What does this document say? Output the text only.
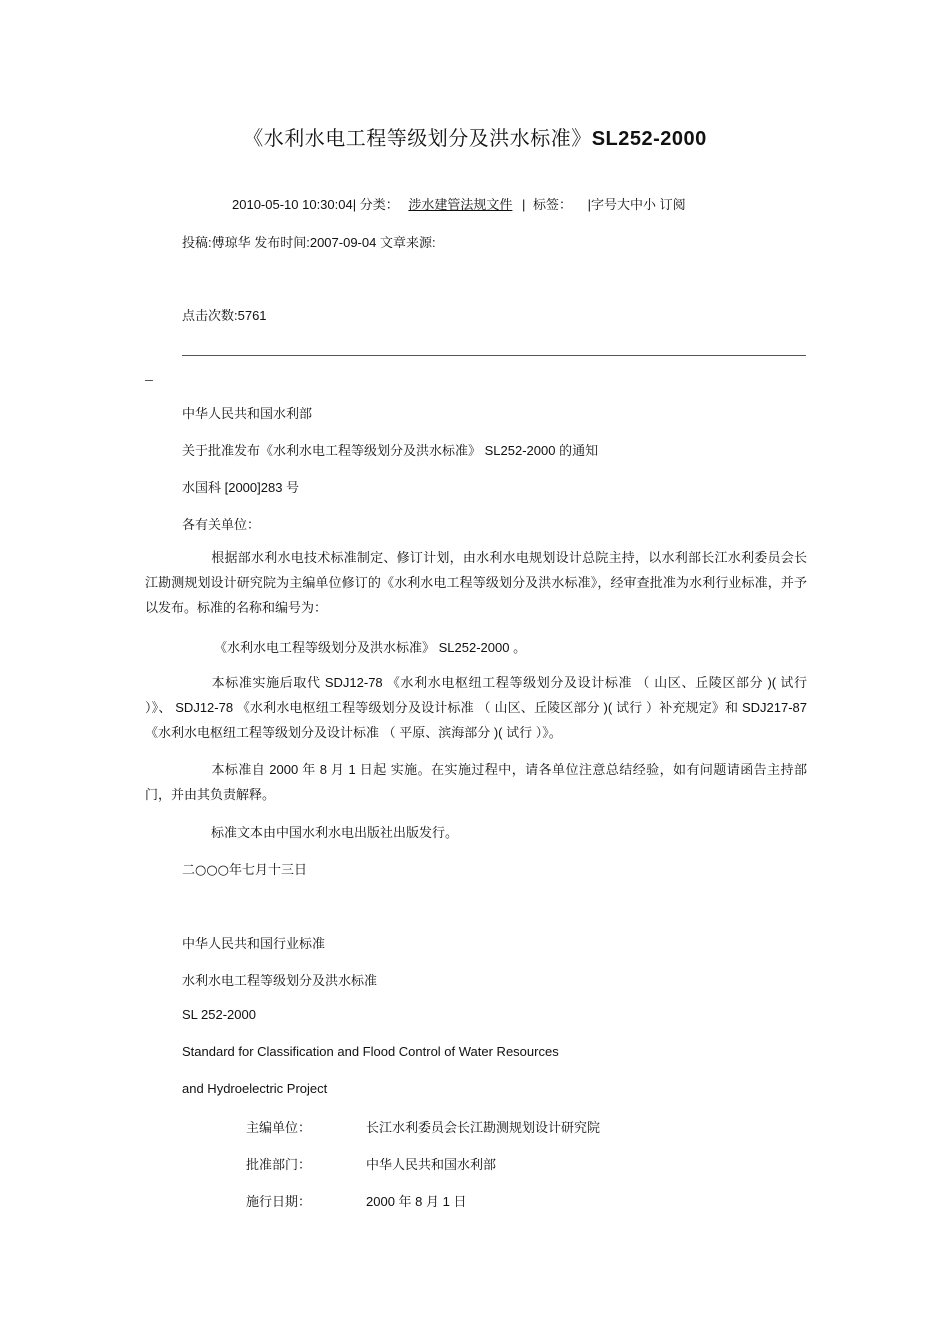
《水利水电工程等级划分及洪水标准》SL252-2000
2010-05-10 10:30:04| 分类： 涉水建管法规文件 | 标签： |字号大中小 订阅
投稿:傅琼华 发布时间:2007-09-04 文章来源:
点击次数:5761
中华人民共和国水利部
关于批准发布《水利水电工程等级划分及洪水标准》 SL252-2000 的通知
水国科 [2000]283 号
各有关单位：
根据部水利水电技术标准制定、修订计划，由水利水电规划设计总院主持，以水利部长江水利委员会长江勘测规划设计研究院为主编单位修订的《水利水电工程等级划分及洪水标准》，经审查批准为水利行业标准，并予以发布。标准的名称和编号为：
《水利水电工程等级划分及洪水标准》 SL252-2000 。
本标准实施后取代 SDJ12-78 《水利水电枢纽工程等级划分及设计标准 （ 山区、丘陵区部分 )( 试行 ）》、 SDJ12-78 《水利水电枢纽工程等级划分及设计标准 （ 山区、丘陵区部分 )( 试行 ）补充规定》和 SDJ217-87 《水利水电枢纽工程等级划分及设计标准 （ 平原、滨海部分 )( 试行 ）》。
本标准自 2000 年 8 月 1 日起 实施。在实施过程中，请各单位注意总结经验，如有问题请函告主持部门，并由其负责解释。
标准文本由中国水利水电出版社出版发行。
二○○○年七月十三日
中华人民共和国行业标准
水利水电工程等级划分及洪水标准
SL 252-2000
Standard for Classification and Flood Control of Water Resources
and Hydroelectric Project
主编单位：	长江水利委员会长江勘测规划设计研究院
批准部门：	中华人民共和国水利部
施行日期：	2000 年 8 月 1 日
